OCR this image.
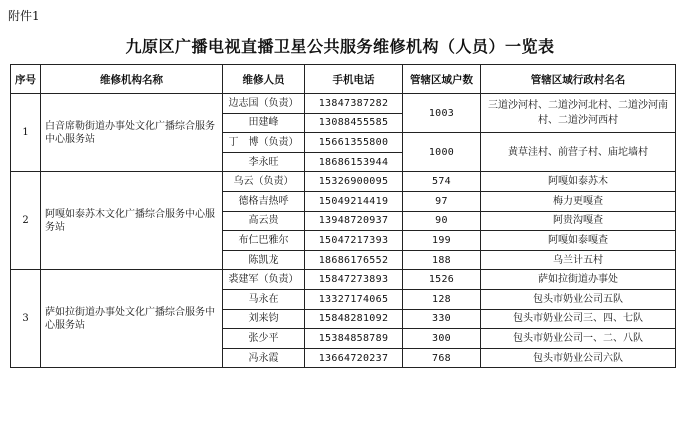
附件1
九原区广播电视直播卫星公共服务维修机构（人员）一览表
序号	维修机构名称	维修人员	手机电话	管辖区域户数	管辖区域行政村名名
1	白音席勒街道办事处文化广播综合服务中心服务站	边志国（负责）	13847387282	1003	三道沙河村、二道沙河北村、二道沙河南村、二道沙河西村
		田建峰	13088455585		
		丁　博（负责）	15661355800	1000	黄草洼村、前营子村、庙坨墙村
		李永旺	18686153944		
2	阿嘎如泰苏木文化广播综合服务中心服务站	乌云（负责）	15326900095	574	阿嘎如泰苏木
		德格吉热呼	15049214419	97	梅力更嘎查
		高云贵	13948720937	90	阿贵沟嘎查
		布仁巴雅尔	15047217393	199	阿嘎如泰嘎查
		陈凯龙	18686176552	188	乌兰计五村
3	萨如拉街道办事处文化广播综合服务中心服务站	裘建军（负责）	15847273893	1526	萨如拉街道办事处
		马永在	13327174065	128	包头市奶业公司五队
		刘来钧	15848281092	330	包头市奶业公司三、四、七队
		张少平	15384858789	300	包头市奶业公司一、二、八队
		冯永霞	13664720237	768	包头市奶业公司六队
